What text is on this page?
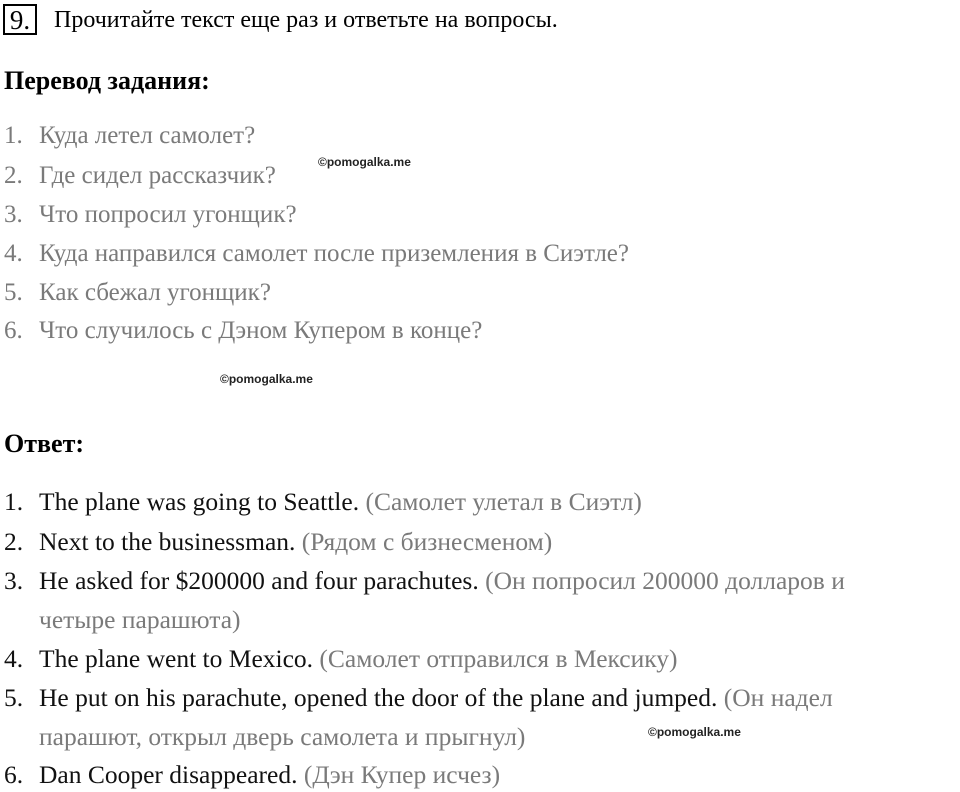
9. Прочитайте текст еще раз и ответьте на вопросы.
Перевод задания:
1. Куда летел самолет?
2. Где сидел рассказчик?
3. Что попросил угонщик?
4. Куда направился самолет после приземления в Сиэтле?
5. Как сбежал угонщик?
6. Что случилось с Дэном Купером в конце?
©pomogalka.me
©pomogalka.me
Ответ:
1. The plane was going to Seattle. (Самолет улетал в Сиэтл)
2. Next to the businessman. (Рядом с бизнесменом)
3. He asked for $200000 and four parachutes. (Он попросил 200000 долларов и
четыре парашюта)
4. The plane went to Mexico. (Самолет отправился в Мексику)
5. He put on his parachute, opened the door of the plane and jumped. (Он надел
парашют, открыл дверь самолета и прыгнул)	©pomogalka.me
6. Dan Cooper disappeared. (Дэн Купер исчез)
